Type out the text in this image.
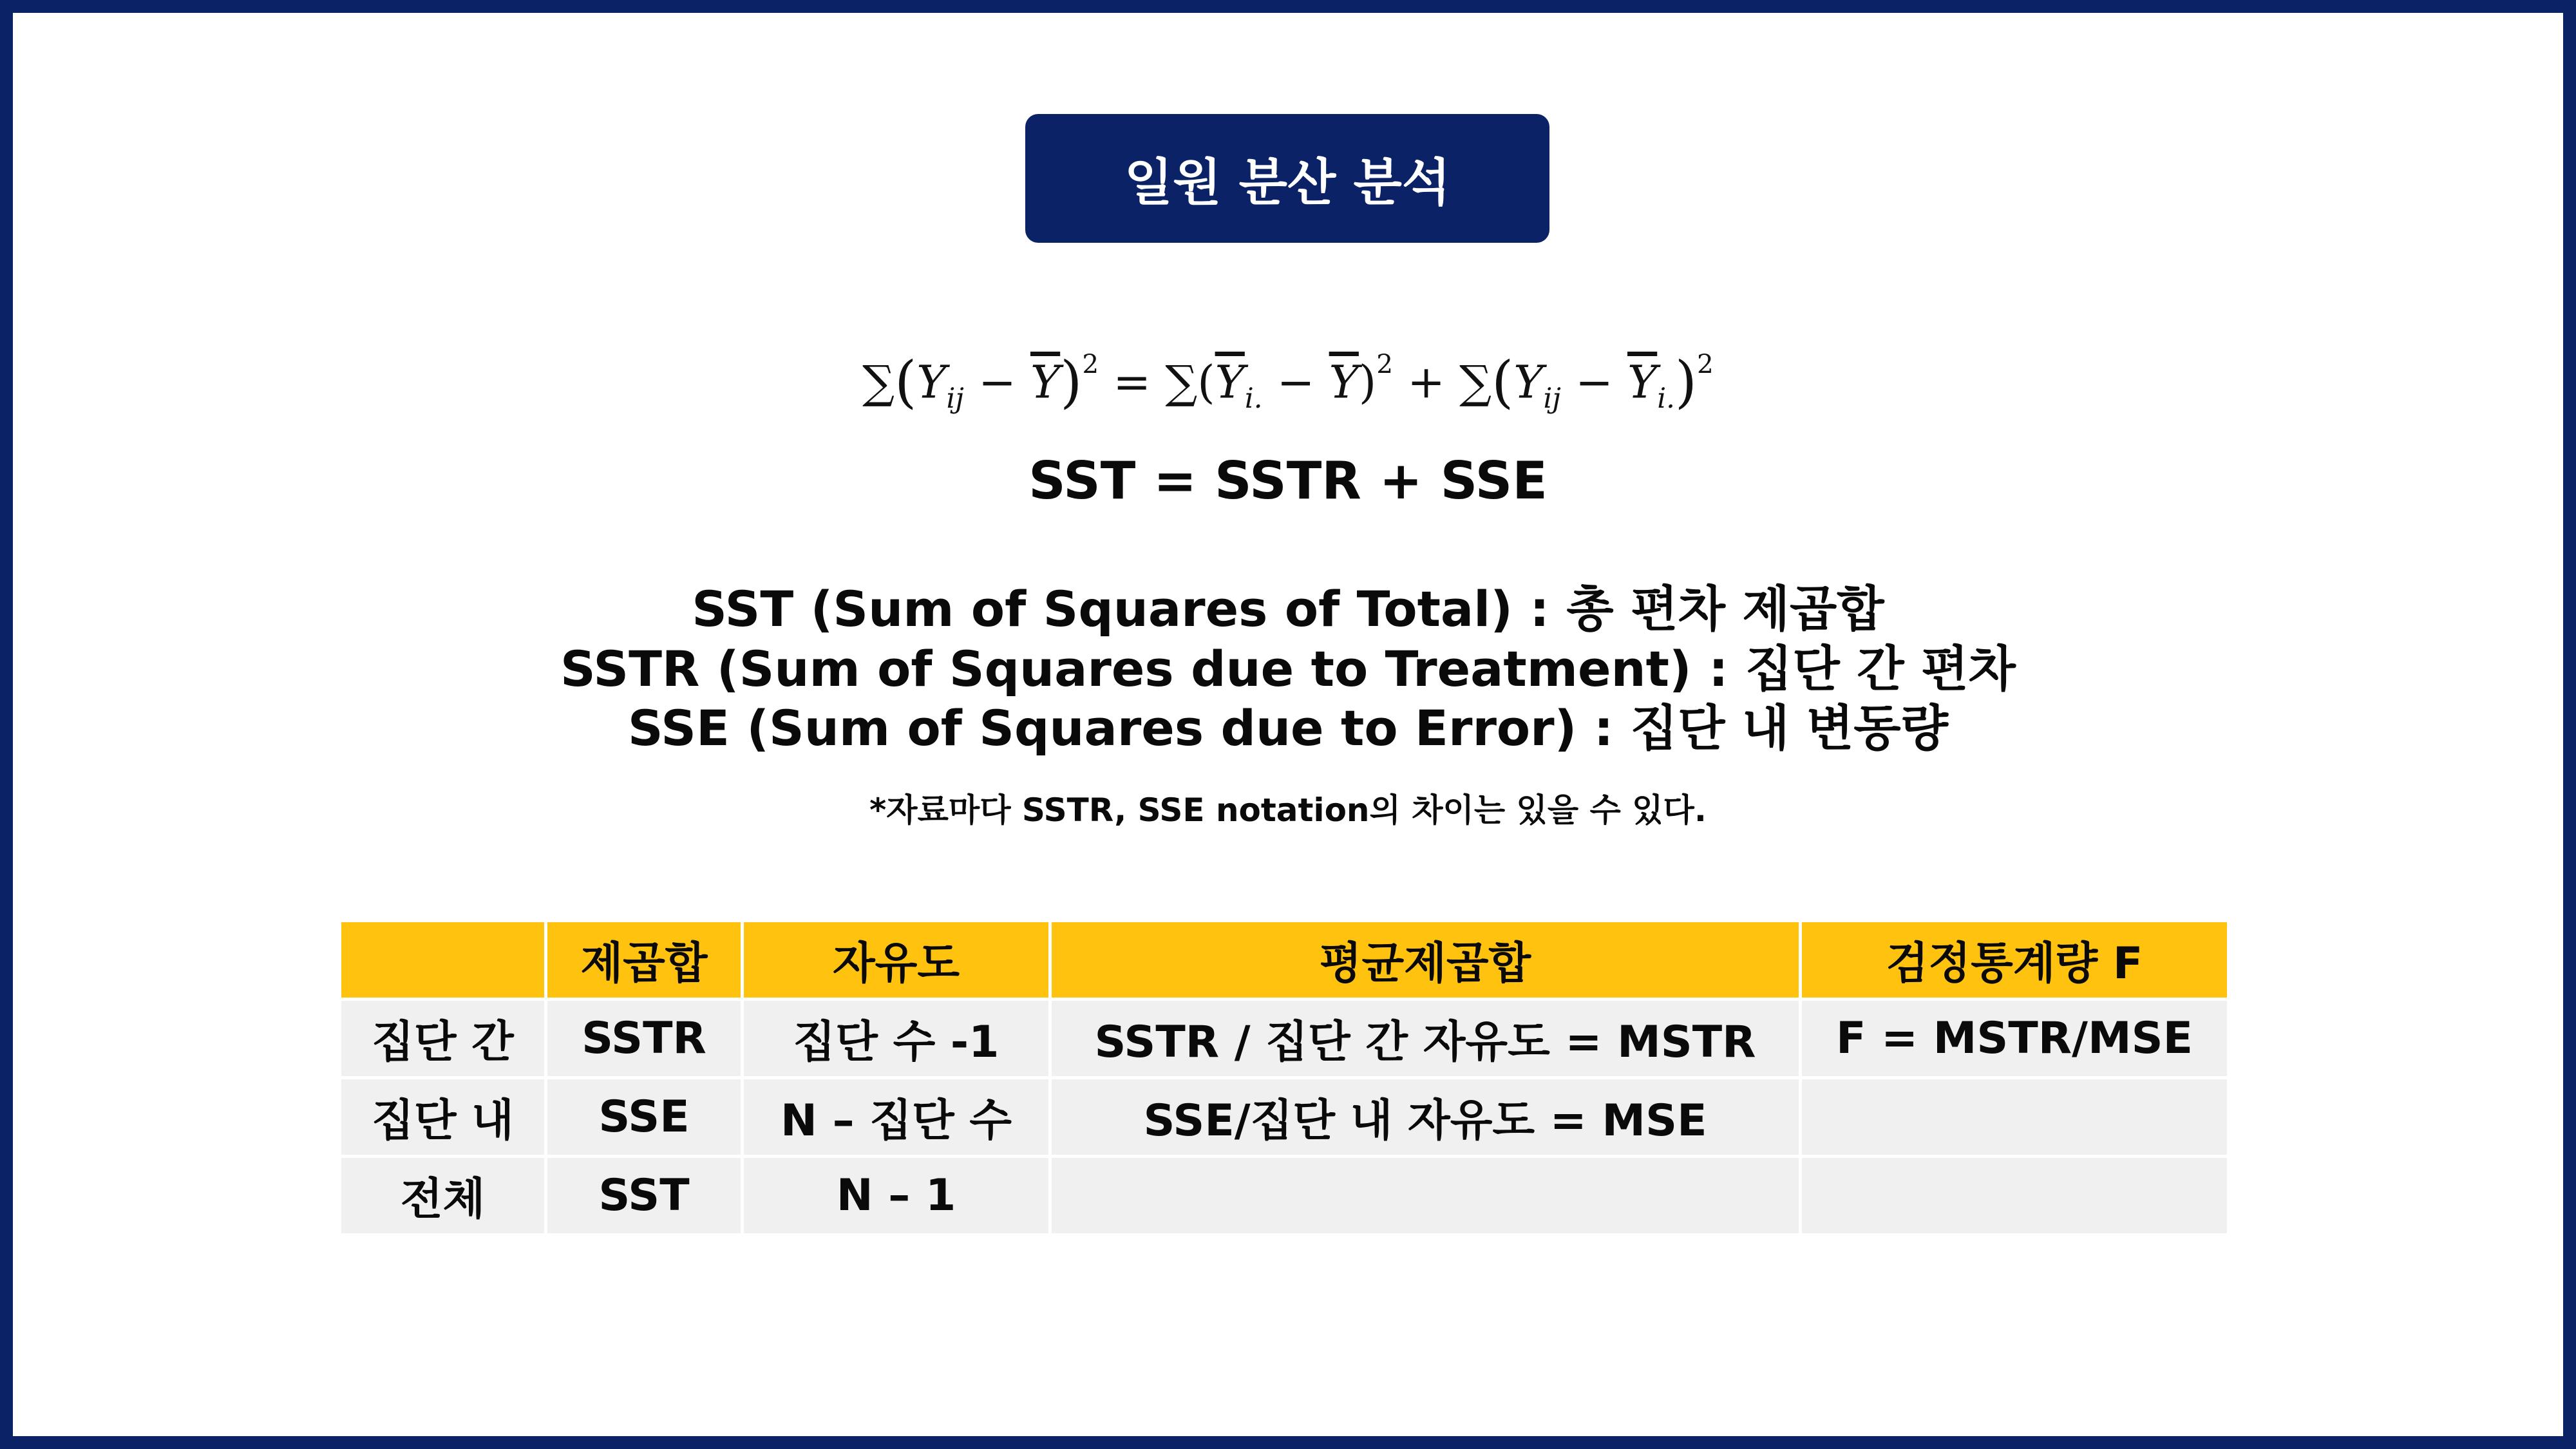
일원 분산 분석
$\sum(Y_{ij} - \overline{Y})^2 = \sum(\overline{Y}_{i.} - \overline{Y})^2 + \sum(Y_{ij} - \overline{Y}_{i.})^2$
SST = SSTR + SSE
SST (Sum of Squares of Total) : 총 편차 제곱합
SSTR (Sum of Squares due to Treatment) : 집단 간 편차
SSE (Sum of Squares due to Error) : 집단 내 변동량
*자료마다 SSTR, SSE notation의 차이는 있을 수 있다.
	제곱합	자유도	평균제곱합	검정통계량 F
집단 간	SSTR	집단 수 -1	SSTR / 집단 간 자유도 = MSTR	F = MSTR/MSE
집단 내	SSE	N – 집단 수	SSE/집단 내 자유도 = MSE	
전체	SST	N – 1		
